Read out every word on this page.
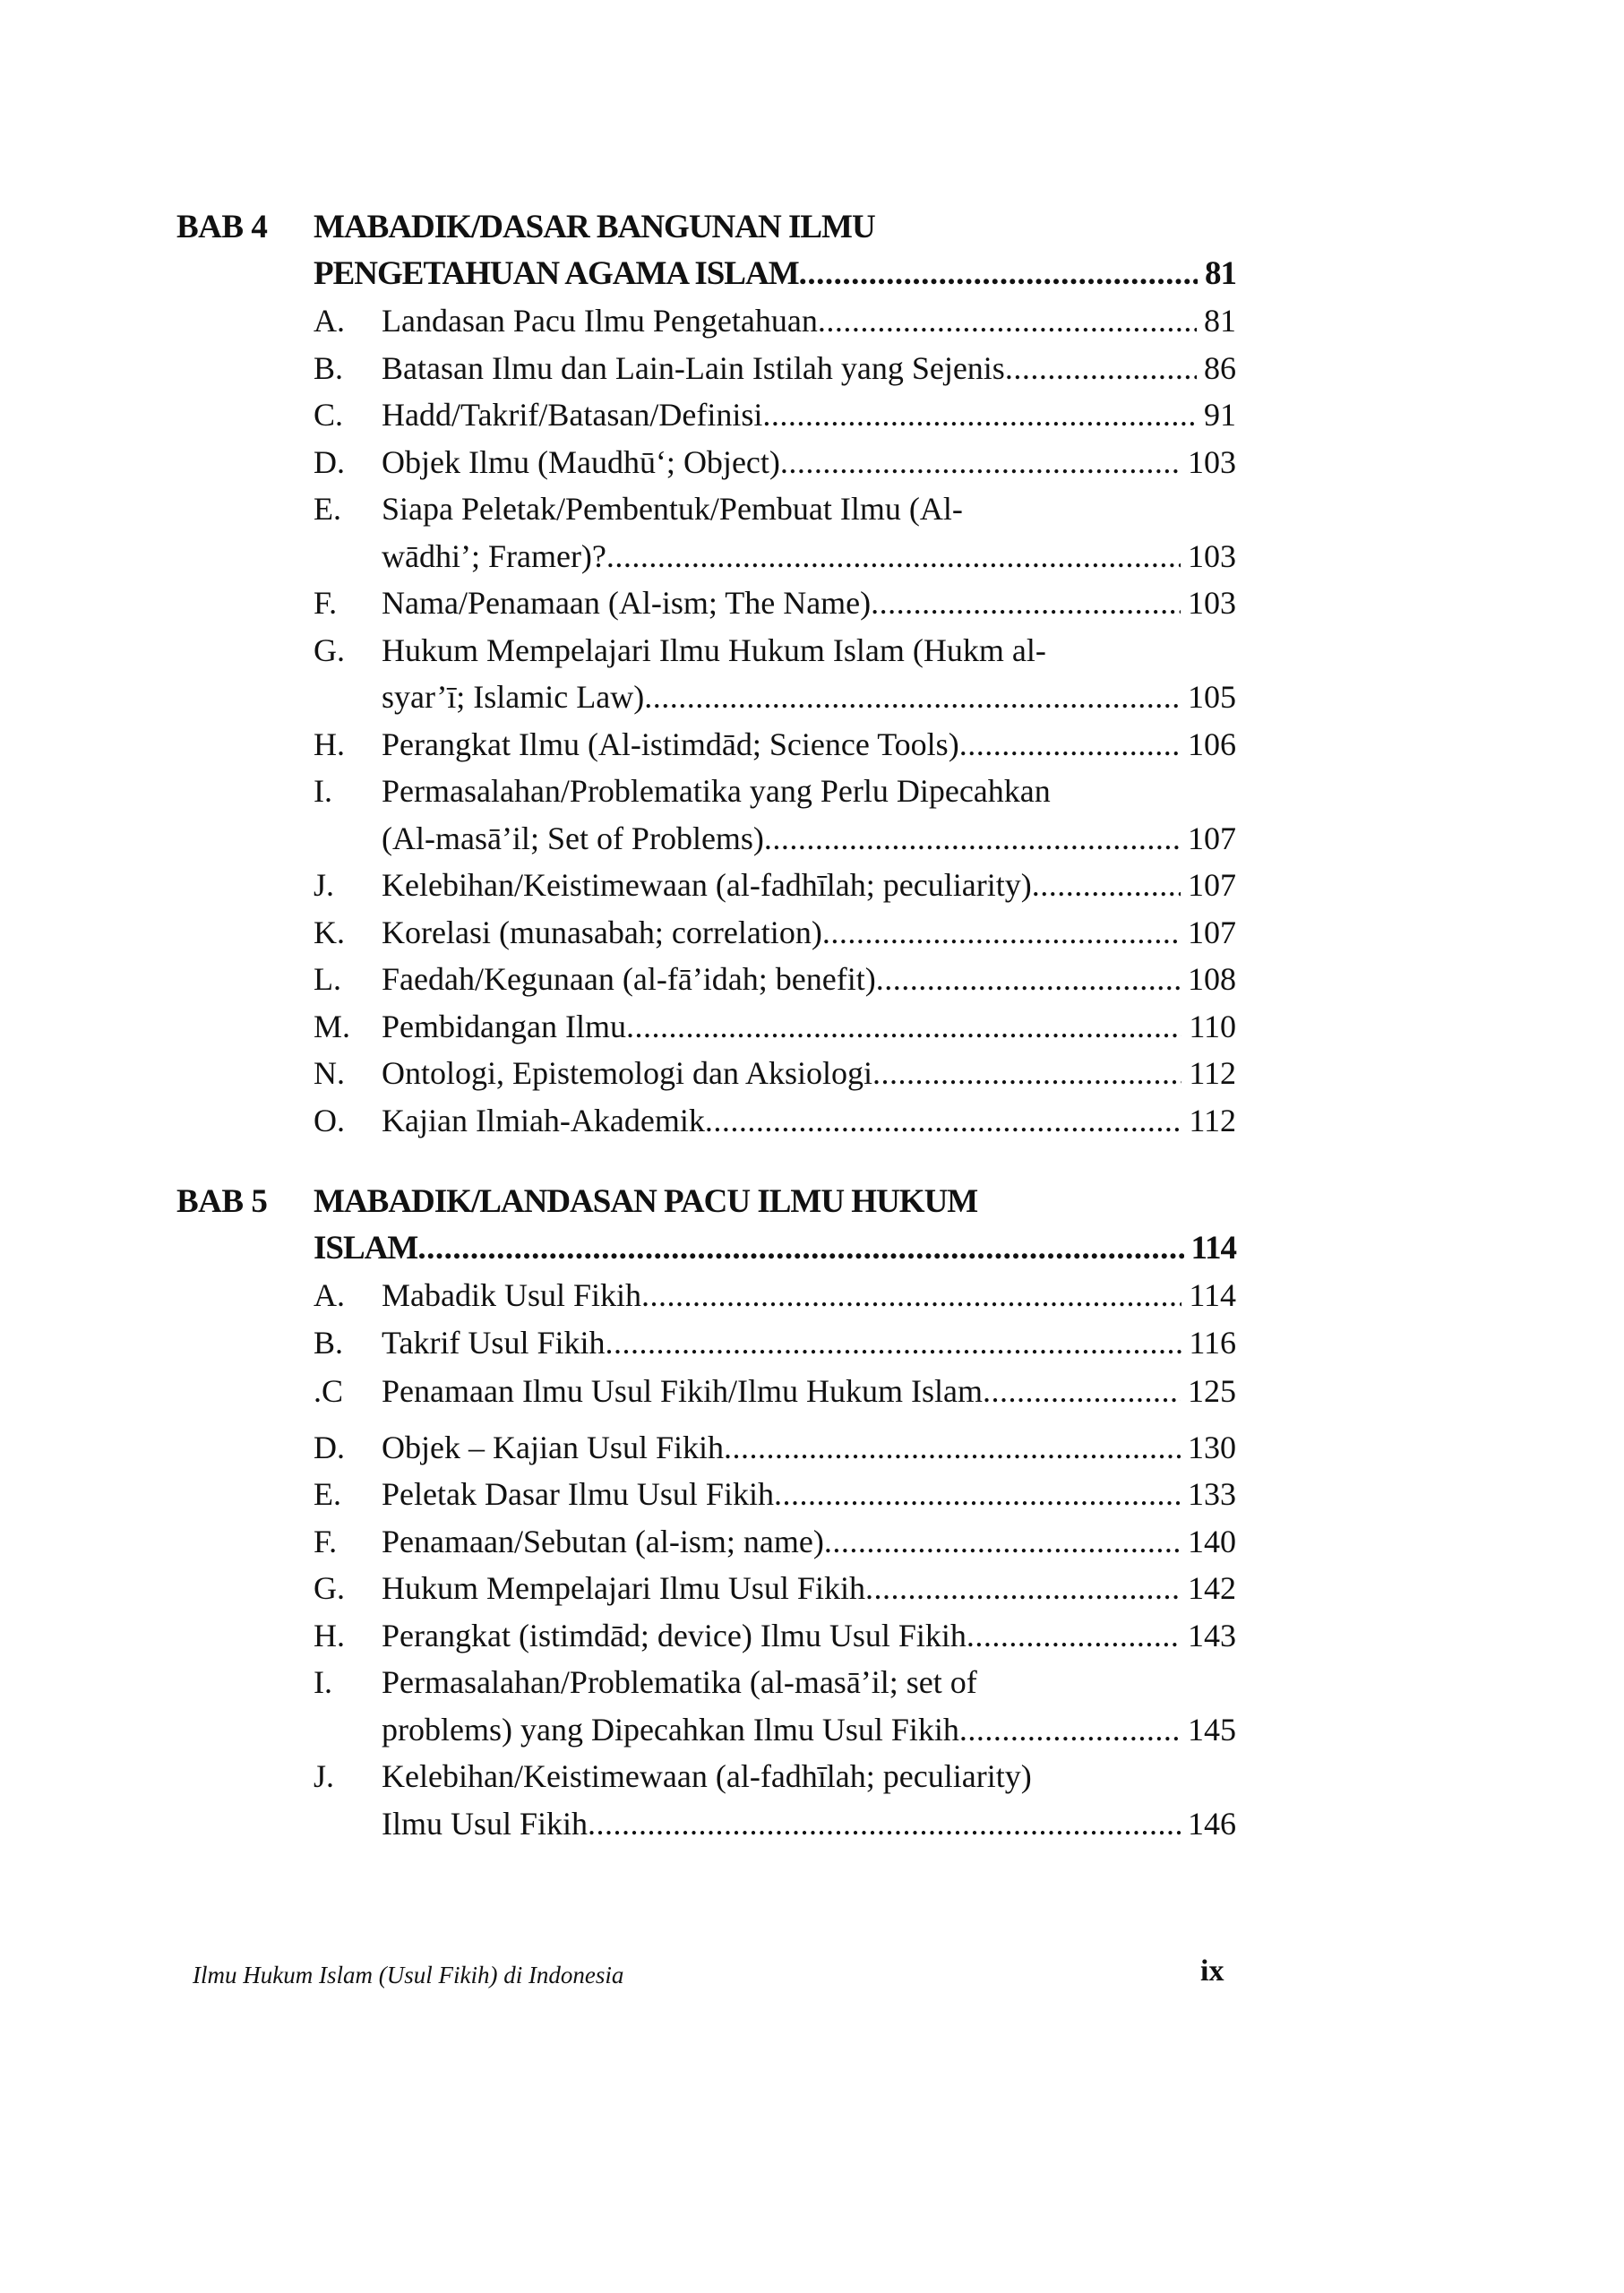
BAB 4 MABADIK/DASAR BANGUNAN ILMU
PENGETAHUAN AGAMA ISLAM .....	81
A.	Landasan Pacu Ilmu Pengetahuan .....	81
B.	Batasan Ilmu dan Lain-Lain Istilah yang Sejenis .....	86
C.	Hadd/Takrif/Batasan/Definisi .....	91
D.	Objek Ilmu (Maudhū‘; Object) .....	103
E.	Siapa Peletak/Pembentuk/Pembuat Ilmu (Al-
wādhi’; Framer)? .....	103
F.	Nama/Penamaan (Al-ism; The Name) .....	103
G.	Hukum Mempelajari Ilmu Hukum Islam (Hukm al-
syar’ī; Islamic Law) .....	105
H.	Perangkat Ilmu (Al-istimdād; Science Tools) .....	106
I.	Permasalahan/Problematika yang Perlu Dipecahkan
(Al-masā’il; Set of Problems) .....	107
J.	Kelebihan/Keistimewaan (al-fadhīlah; peculiarity) .....	107
K.	Korelasi (munasabah; correlation) .....	107
L.	Faedah/Kegunaan (al-fā’idah; benefit) .....	108
M. Pembidangan Ilmu .....	110
N.	Ontologi, Epistemologi dan Aksiologi .....	112
O.	Kajian Ilmiah-Akademik .....	112
BAB 5 MABADIK/LANDASAN PACU ILMU HUKUM
ISLAM .....	114
A.	Mabadik Usul Fikih .....	114
B.	Takrif Usul Fikih .....	116
.C	Penamaan Ilmu Usul Fikih/Ilmu Hukum Islam .....	125
D.	Objek – Kajian Usul Fikih .....	130
E.	Peletak Dasar Ilmu Usul Fikih .....	133
F.	Penamaan/Sebutan (al-ism; name) .....	140
G.	Hukum Mempelajari Ilmu Usul Fikih .....	142
H.	Perangkat (istimdād; device) Ilmu Usul Fikih .....	143
I.	Permasalahan/Problematika (al-masā’il; set of
problems) yang Dipecahkan Ilmu Usul Fikih .....	145
J.	Kelebihan/Keistimewaan (al-fadhīlah; peculiarity)
Ilmu Usul Fikih .....	146
Ilmu Hukum Islam (Usul Fikih) di Indonesia	ix
